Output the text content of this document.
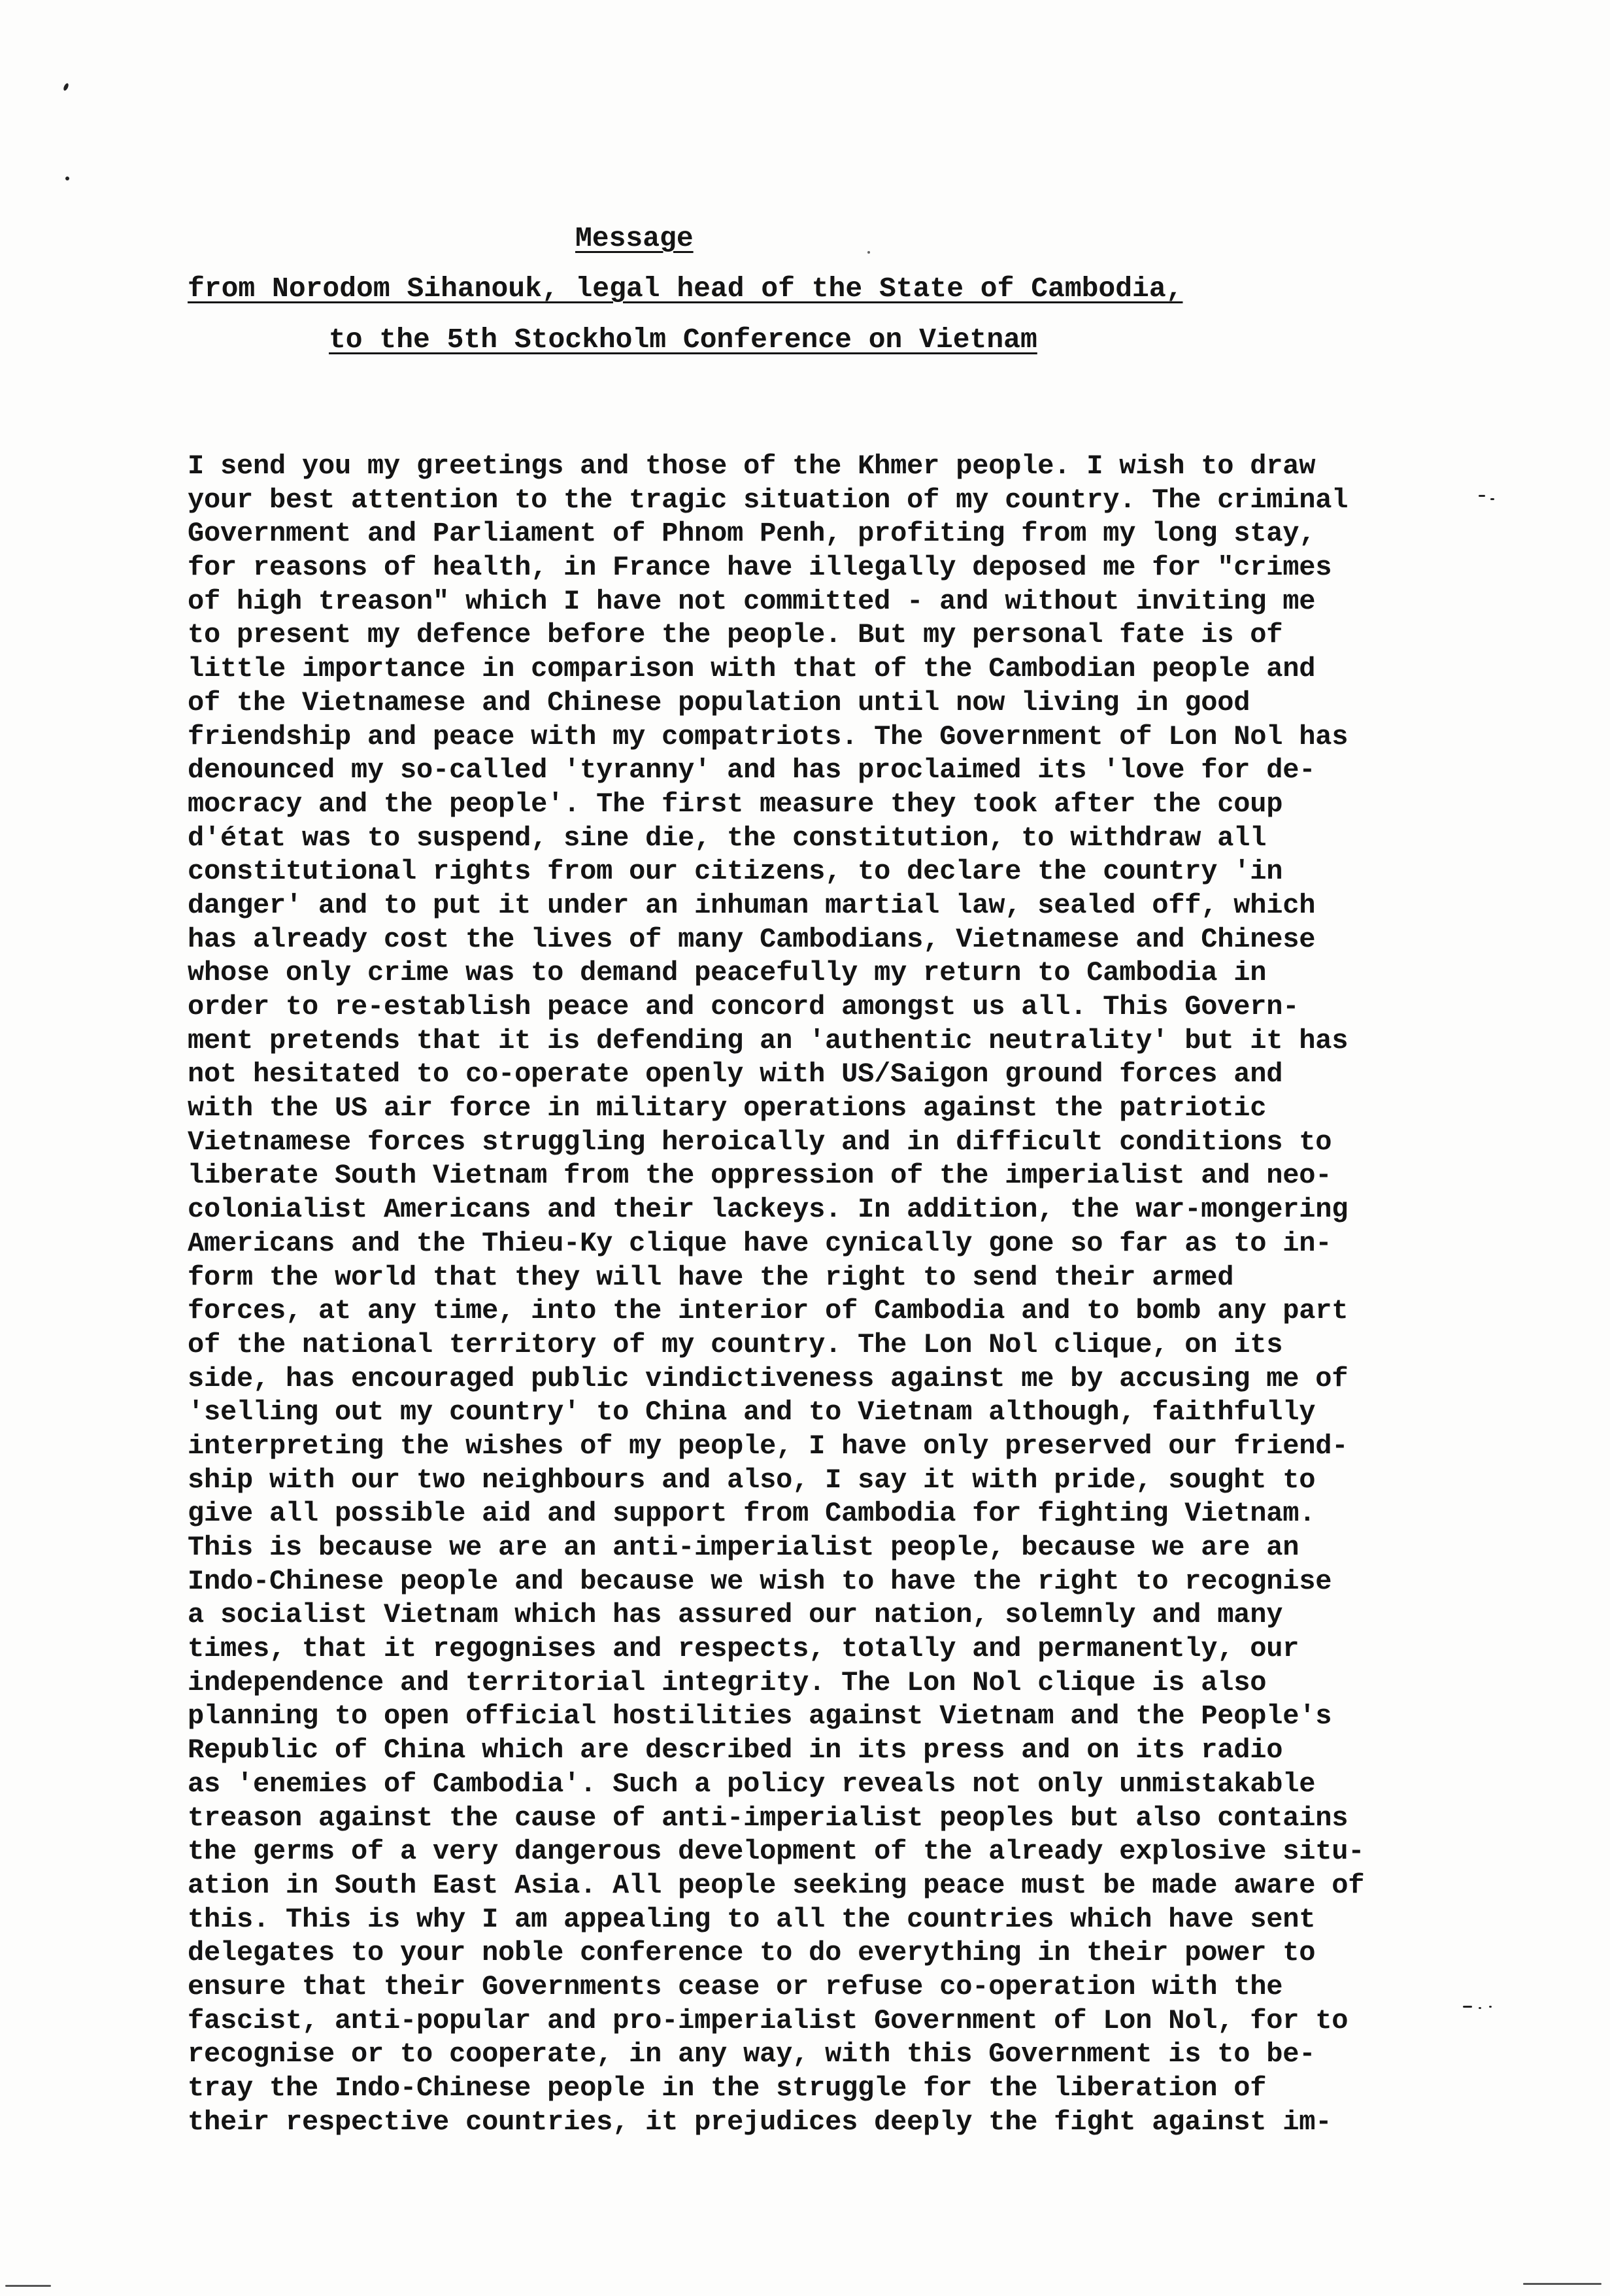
Message
from Norodom Sihanouk, legal head of the State of Cambodia,
to the 5th Stockholm Conference on Vietnam
I send you my greetings and those of the Khmer people. I wish to draw
your best attention to the tragic situation of my country. The criminal
Government and Parliament of Phnom Penh, profiting from my long stay,
for reasons of health, in France have illegally deposed me for "crimes
of high treason" which I have not committed - and without inviting me
to present my defence before the people. But my personal fate is of
little importance in comparison with that of the Cambodian people and
of the Vietnamese and Chinese population until now living in good
friendship and peace with my compatriots. The Government of Lon Nol has
denounced my so-called 'tyranny' and has proclaimed its 'love for de-
mocracy and the people'. The first measure they took after the coup
d'état was to suspend, sine die, the constitution, to withdraw all
constitutional rights from our citizens, to declare the country 'in
danger' and to put it under an inhuman martial law, sealed off, which
has already cost the lives of many Cambodians, Vietnamese and Chinese
whose only crime was to demand peacefully my return to Cambodia in
order to re-establish peace and concord amongst us all. This Govern-
ment pretends that it is defending an 'authentic neutrality' but it has
not hesitated to co-operate openly with US/Saigon ground forces and
with the US air force in military operations against the patriotic
Vietnamese forces struggling heroically and in difficult conditions to
liberate South Vietnam from the oppression of the imperialist and neo-
colonialist Americans and their lackeys. In addition, the war-mongering
Americans and the Thieu-Ky clique have cynically gone so far as to in-
form the world that they will have the right to send their armed
forces, at any time, into the interior of Cambodia and to bomb any part
of the national territory of my country. The Lon Nol clique, on its
side, has encouraged public vindictiveness against me by accusing me of
'selling out my country' to China and to Vietnam although, faithfully
interpreting the wishes of my people, I have only preserved our friend-
ship with our two neighbours and also, I say it with pride, sought to
give all possible aid and support from Cambodia for fighting Vietnam.
This is because we are an anti-imperialist people, because we are an
Indo-Chinese people and because we wish to have the right to recognise
a socialist Vietnam which has assured our nation, solemnly and many
times, that it regognises and respects, totally and permanently, our
independence and territorial integrity. The Lon Nol clique is also
planning to open official hostilities against Vietnam and the People's
Republic of China which are described in its press and on its radio
as 'enemies of Cambodia'. Such a policy reveals not only unmistakable
treason against the cause of anti-imperialist peoples but also contains
the germs of a very dangerous development of the already explosive situ-
ation in South East Asia. All people seeking peace must be made aware of
this. This is why I am appealing to all the countries which have sent
delegates to your noble conference to do everything in their power to
ensure that their Governments cease or refuse co-operation with the
fascist, anti-popular and pro-imperialist Government of Lon Nol, for to
recognise or to cooperate, in any way, with this Government is to be-
tray the Indo-Chinese people in the struggle for the liberation of
their respective countries, it prejudices deeply the fight against im-
